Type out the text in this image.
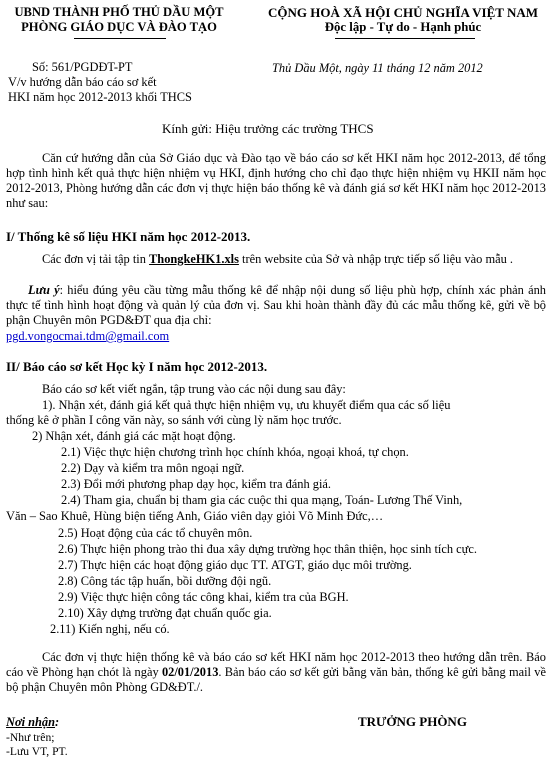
UBND THÀNH PHỐ THỦ DẦU MỘT
PHÒNG GIÁO DỤC VÀ ĐÀO TẠO
CỘNG HOÀ XÃ HỘI CHỦ NGHĨA VIỆT NAM
Độc lập - Tự do - Hạnh phúc
Số: 561/PGDĐT-PT	Thủ Dầu Một, ngày 11 tháng 12 năm 2012
V/v hướng dẫn báo cáo sơ kết
HKI năm học 2012-2013 khối THCS
Kính gửi: Hiệu trưởng các trường THCS
Căn cứ hướng dẫn của Sở Giáo dục và Đào tạo về báo cáo sơ kết HKI năm học 2012-2013, để tổng hợp tình hình kết quả thực hiện nhiệm vụ HKI, định hướng cho chỉ đạo thực hiện nhiệm vụ HKII năm học 2012-2013, Phòng hướng dẫn các đơn vị thực hiện báo thống kê và đánh giá sơ kết HKI năm học 2012-2013 như sau:
I/ Thống kê số liệu HKI năm học 2012-2013.
Các đơn vị tải tập tin ThongkeHK1.xls trên website của Sở và nhập trực tiếp số liệu vào mẫu .
Lưu ý: hiểu đúng yêu cầu từng mẫu thống kê để nhập nội dung số liệu phù hợp, chính xác phản ánh thực tế tình hình hoạt động và quản lý của đơn vị. Sau khi hoàn thành đầy đủ các mẫu thống kê, gửi về bộ phận Chuyên môn PGD&ĐT qua địa chỉ:
pgd.vongocmai.tdm@gmail.com
II/ Báo cáo sơ kết Học kỳ I năm học 2012-2013.
Báo cáo sơ kết viết ngắn, tập trung vào các nội dung sau đây:
1). Nhận xét, đánh giá kết quả thực hiện nhiệm vụ, ưu khuyết điểm qua các số liệu
thống kê ở phần I công văn này, so sánh với cùng lỳ năm học trước.
2) Nhận xét, đánh giá các mặt hoạt động.
2.1) Việc thực hiện chương trình học chính khóa, ngoại khoá, tự chọn.
2.2) Dạy và kiểm tra môn ngoại ngữ.
2.3) Đổi mới phương phap dạy học, kiểm tra đánh giá.
2.4) Tham gia, chuẩn bị tham gia các cuộc thi qua mạng, Toán- Lương Thế Vinh,
Văn – Sao Khuê, Hùng biện tiếng Anh, Giáo viên dạy giỏi Võ Minh Đức,…
2.5) Hoạt động của các tổ chuyên môn.
2.6) Thực hiện phong trào thi đua xây dựng trường học thân thiện, học sinh tích cực.
2.7) Thực hiện các hoạt động giáo dục TT. ATGT, giáo dục môi trường.
2.8) Công tác tập huấn, bồi dưỡng đội ngũ.
2.9) Việc thực hiện công tác công khai, kiểm tra của BGH.
2.10) Xây dựng trường đạt chuẩn quốc gia.
2.11) Kiến nghị, nếu có.
Các đơn vị thực hiện thống kê và báo cáo sơ kết HKI năm học 2012-2013 theo hướng dẫn trên. Báo cáo về Phòng hạn chót là ngày 02/01/2013. Bản báo cáo sơ kết gửi bằng văn bản, thống kê gửi bằng mail về bộ phận Chuyên môn Phòng GD&ĐT./.
Nơi nhận:
-Như trên;
-Lưu VT, PT.
TRƯỞNG PHÒNG
